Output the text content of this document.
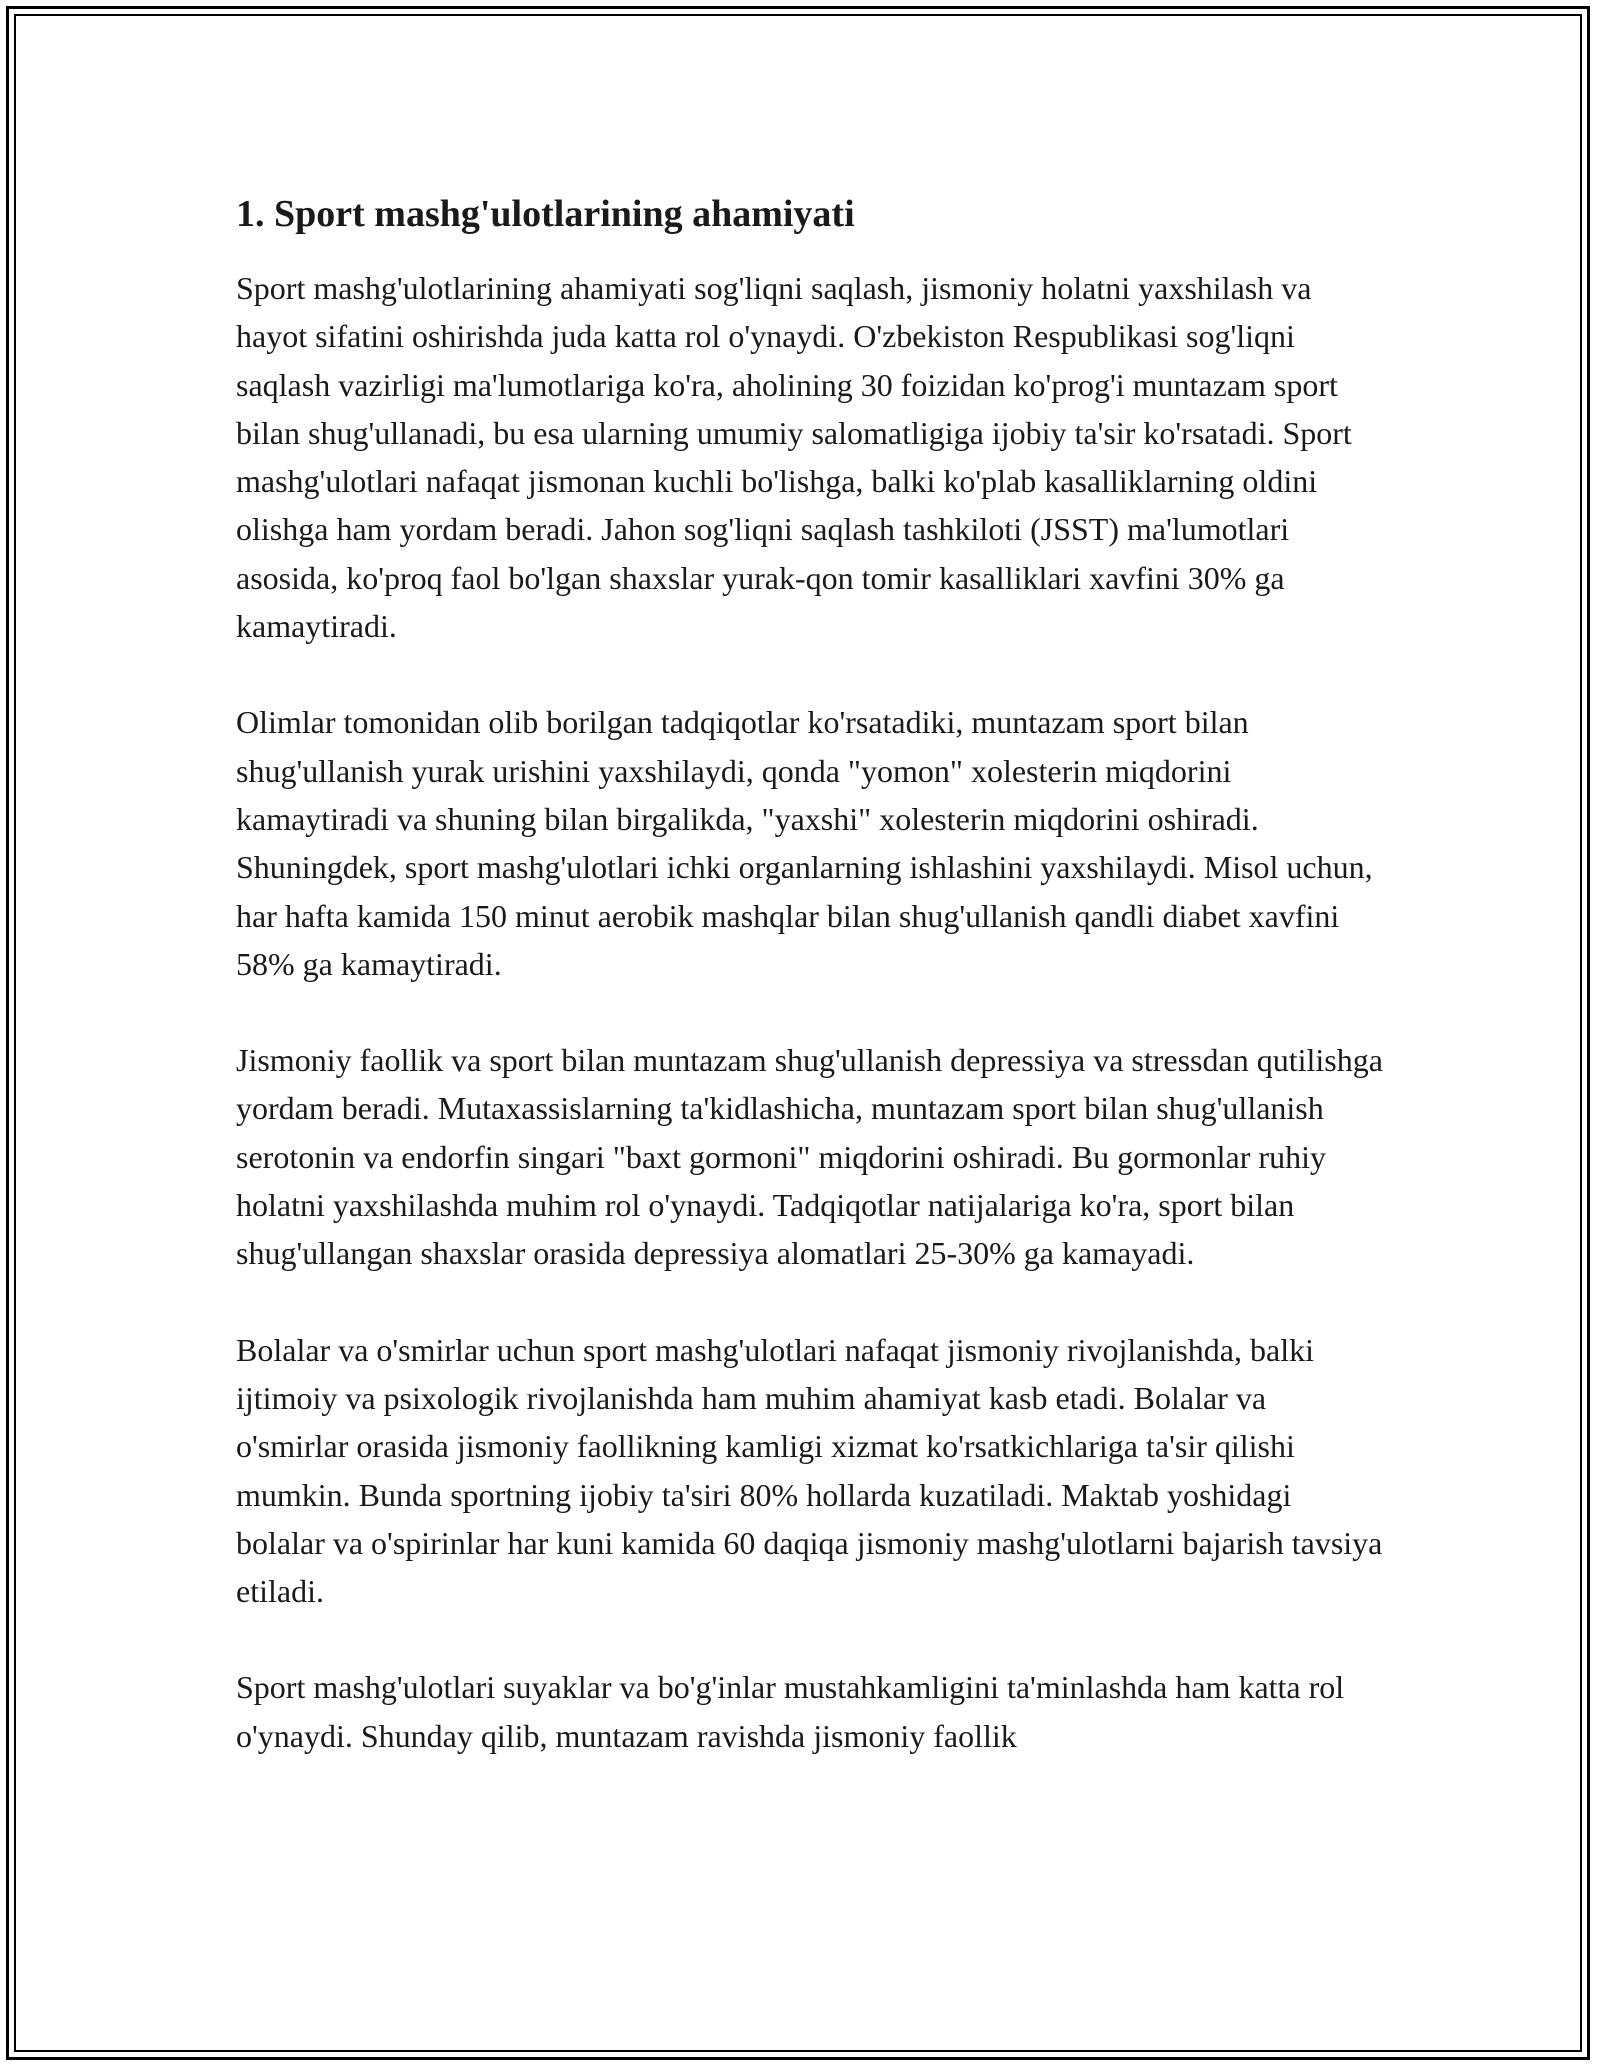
1. Sport mashg'ulotlarining ahamiyati

Sport mashg'ulotlarining ahamiyati sog'liqni saqlash, jismoniy holatni yaxshilash va hayot sifatini oshirishda juda katta rol o'ynaydi. O'zbekiston Respublikasi sog'liqni saqlash vazirligi ma'lumotlariga ko'ra, aholining 30 foizidan ko'prog'i muntazam sport bilan shug'ullanadi, bu esa ularning umumiy salomatligiga ijobiy ta'sir ko'rsatadi. Sport mashg'ulotlari nafaqat jismonan kuchli bo'lishga, balki ko'plab kasalliklarning oldini olishga ham yordam beradi. Jahon sog'liqni saqlash tashkiloti (JSST) ma'lumotlari asosida, ko'proq faol bo'lgan shaxslar yurak-qon tomir kasalliklari xavfini 30% ga kamaytiradi.

Olimlar tomonidan olib borilgan tadqiqotlar ko'rsatadiki, muntazam sport bilan shug'ullanish yurak urishini yaxshilaydi, qonda "yomon" xolesterin miqdorini kamaytiradi va shuning bilan birgalikda, "yaxshi" xolesterin miqdorini oshiradi. Shuningdek, sport mashg'ulotlari ichki organlarning ishlashini yaxshilaydi. Misol uchun, har hafta kamida 150 minut aerobik mashqlar bilan shug'ullanish qandli diabet xavfini 58% ga kamaytiradi.

Jismoniy faollik va sport bilan muntazam shug'ullanish depressiya va stressdan qutilishga yordam beradi. Mutaxassislarning ta'kidlashicha, muntazam sport bilan shug'ullanish serotonin va endorfin singari "baxt gormoni" miqdorini oshiradi. Bu gormonlar ruhiy holatni yaxshilashda muhim rol o'ynaydi. Tadqiqotlar natijalariga ko'ra, sport bilan shug'ullangan shaxslar orasida depressiya alomatlari 25-30% ga kamayadi.

Bolalar va o'smirlar uchun sport mashg'ulotlari nafaqat jismoniy rivojlanishda, balki ijtimoiy va psixologik rivojlanishda ham muhim ahamiyat kasb etadi. Bolalar va o'smirlar orasida jismoniy faollikning kamligi xizmat ko'rsatkichlariga ta'sir qilishi mumkin. Bunda sportning ijobiy ta'siri 80% hollarda kuzatiladi. Maktab yoshidagi bolalar va o'spirinlar har kuni kamida 60 daqiqa jismoniy mashg'ulotlarni bajarish tavsiya etiladi.

Sport mashg'ulotlari suyaklar va bo'g'inlar mustahkamligini ta'minlashda ham katta rol o'ynaydi. Shunday qilib, muntazam ravishda jismoniy faollik
